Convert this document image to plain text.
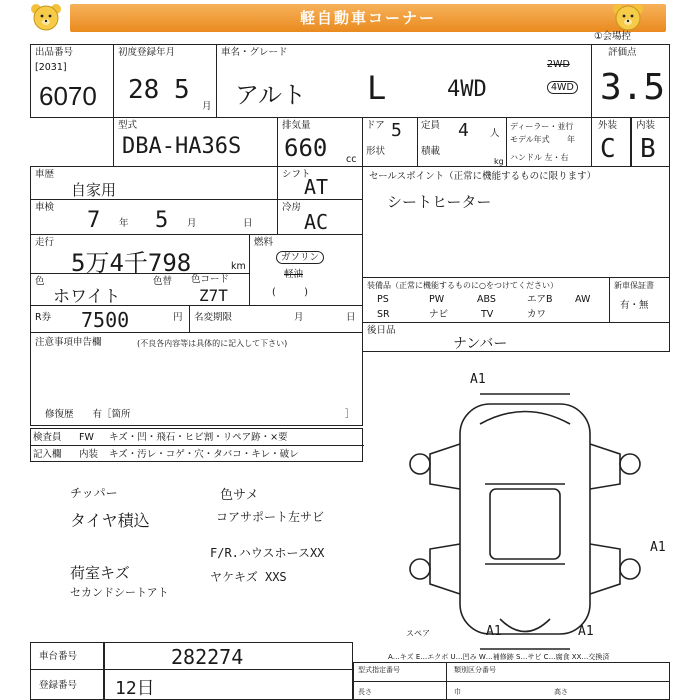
軽自動車コーナー
出品番号
[2031]
6070
初度登録年月
28 5
月
車名・グレード
アルト L	4WD
2WD
4WD
①会場控
評価点
3.5
型式
DBA-HA36S
排気量
660 cc
ドア 5
形状
定員 4 人
積載
kg
ディーラー・並行
モデル年式 年
ハンドル 左・右
外装 内装
C B
車歴
自家用
シフト
AT
車検
7 年 5 月	日
冷房
AC
走行
5万4千798	km
燃料
ガソリン
軽油
(　　　)
色
ホワイト
色替 色コード
Z7T
R券 7500	円 名変期限	月	日
注意事項申告欄	(不良各内容等は具体的に記入して下さい)
修復歴　　有［箇所	］
検査員 FW キズ・凹・飛石・ヒビ割・リペア跡・×要
記入欄 内装 キズ・汚レ・コゲ・穴・タバコ・キレ・破レ
チッパー
タイヤ積込
荷室キズ
セカンドシートアト
色サメ
コアサポート左サビ
F/R.ハウスホースXX
ヤケキズ XXS
セールスポイント（正常に機能するものに限ります）
シートヒーター
装備品（正常に機能するものに○をつけてください）
PS	PW	ABS	エアB AW
SR	ナビ	TV	カワ
新車保証書
有・無
後日品
ナンバー
A1
A1
A1	A1
スペア
車台番号	282274
登録番号 12日
A…キズ E…エクボ U…凹み W…補修跡 S…サビ C…腐食 XX…交換済
型式指定番号	類別区分番号
長さ	巾	高さ
